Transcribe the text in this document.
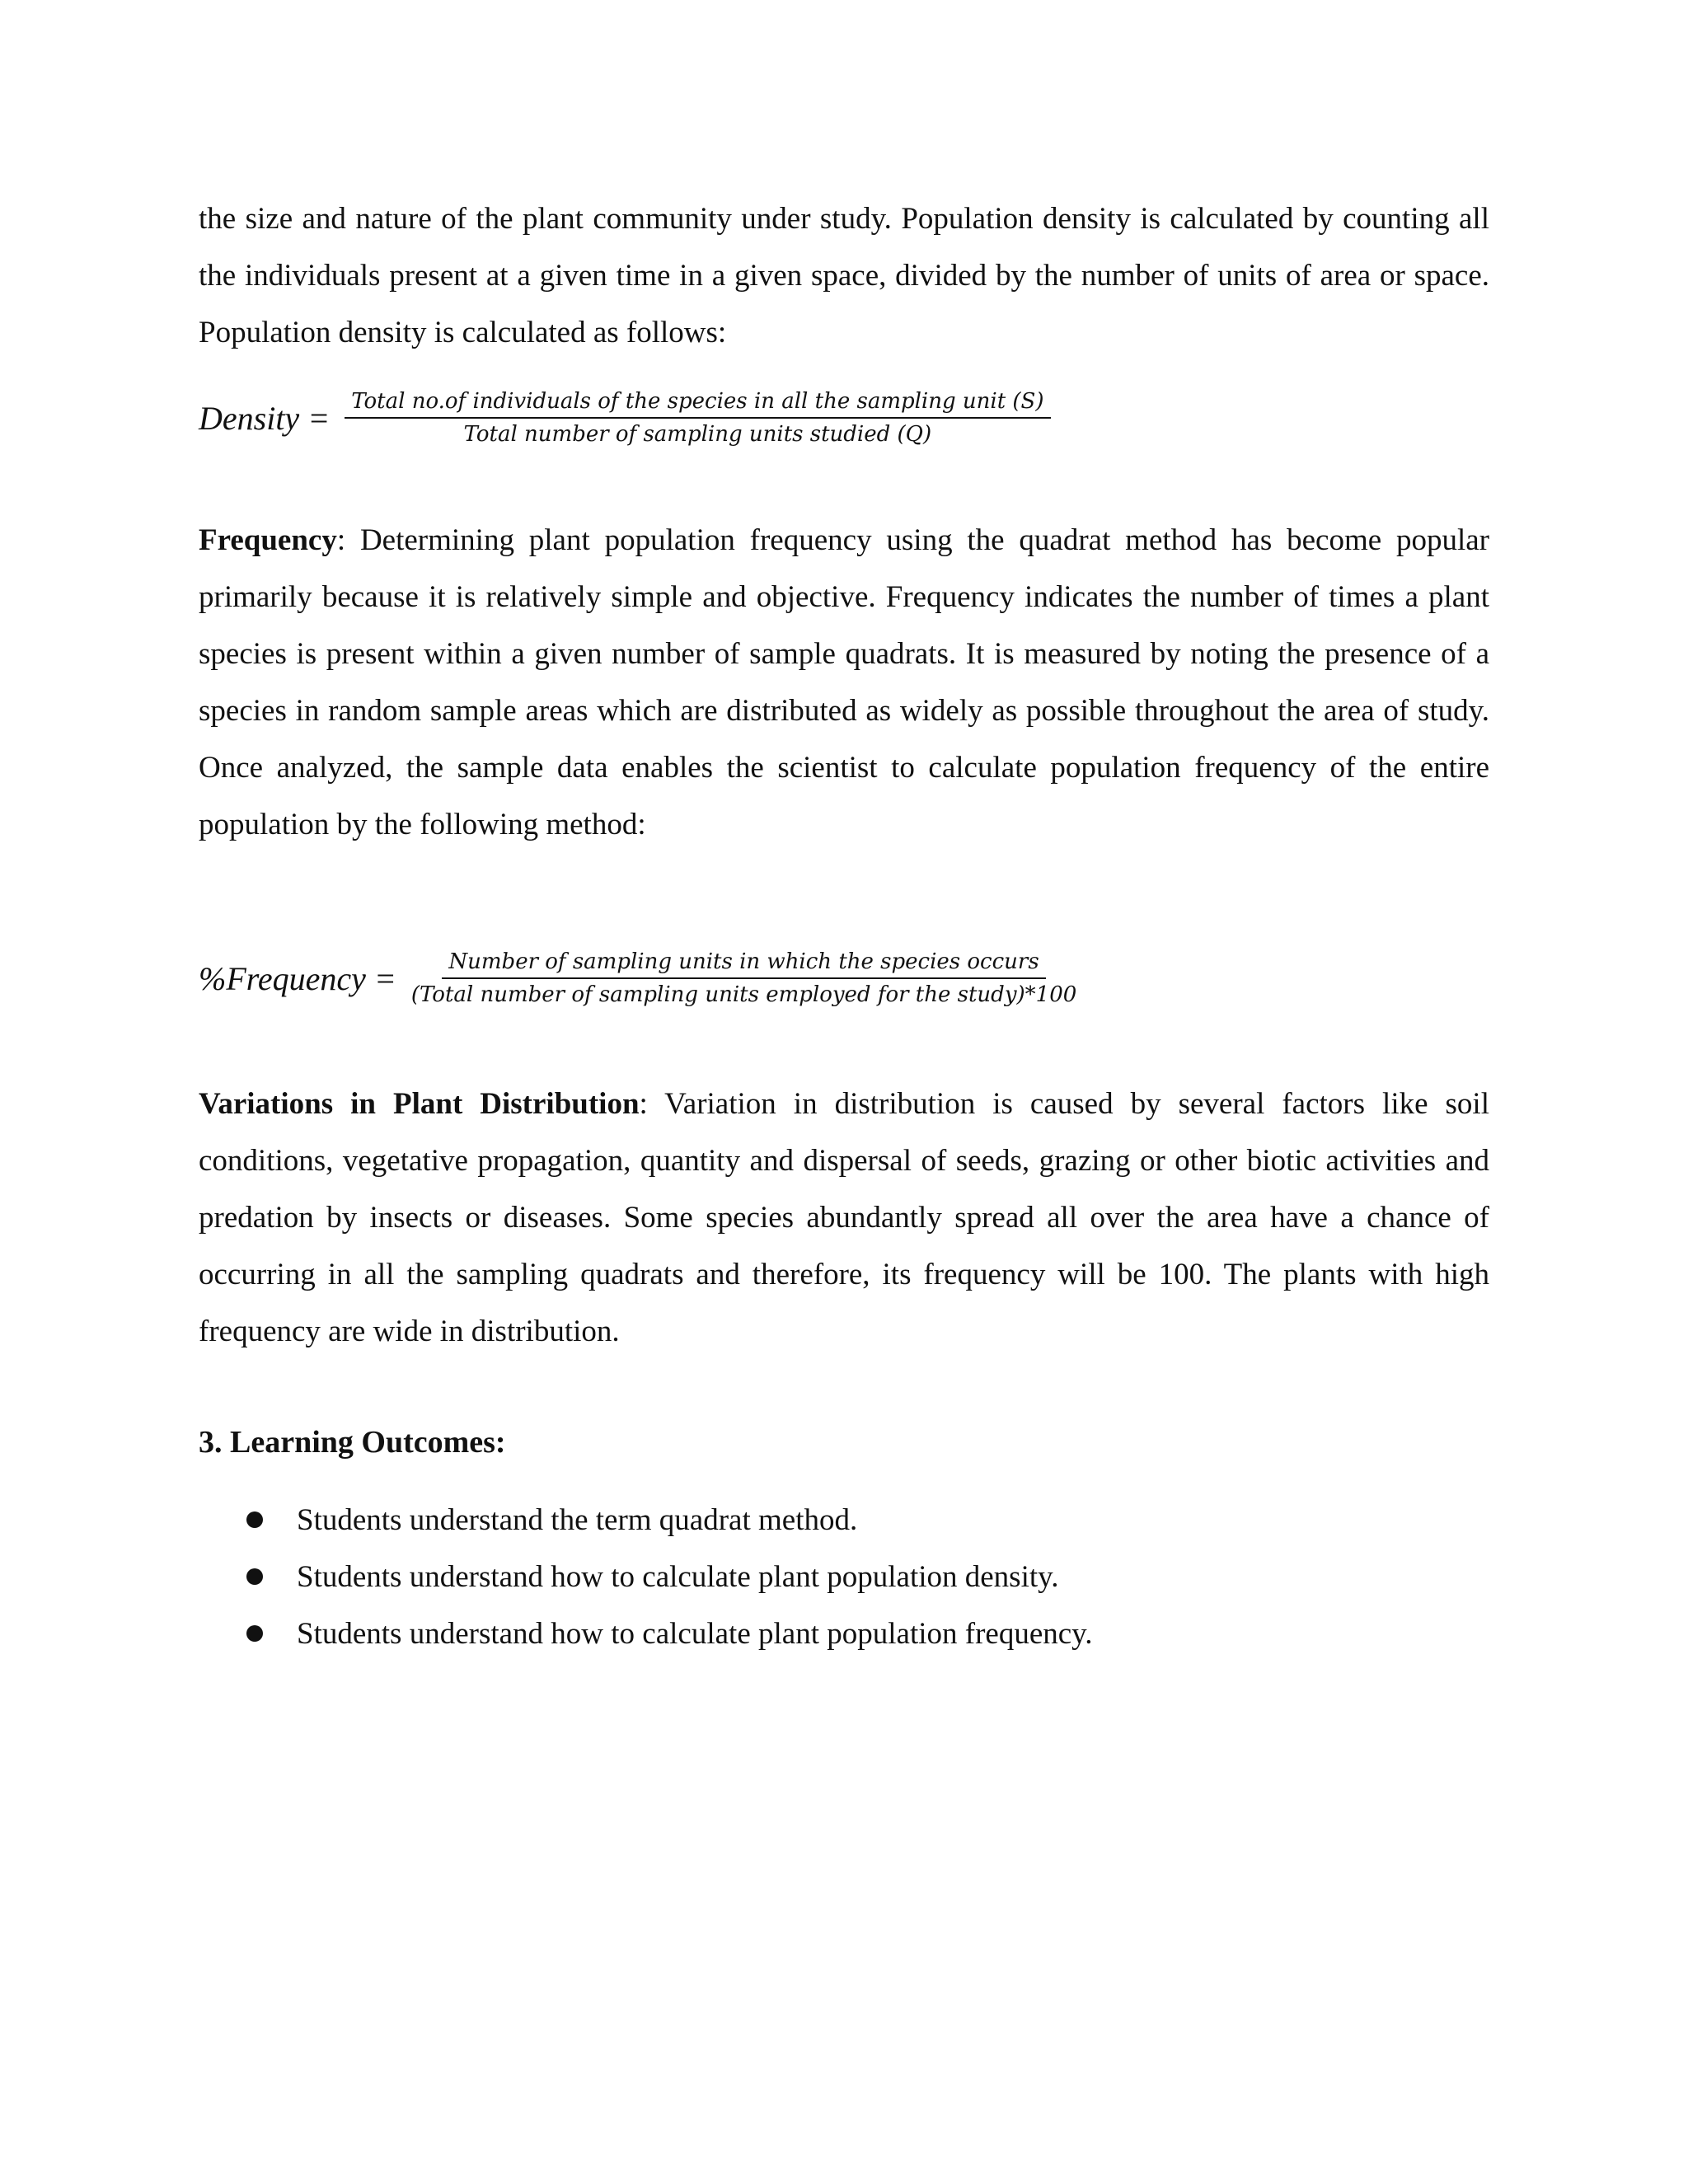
the size and nature of the plant community under study. Population density is calculated by counting all the individuals present at a given time in a given space, divided by the number of units of area or space. Population density is calculated as follows:

Density = Total no.of individuals of the species in all the sampling unit (S)
Total number of sampling units studied (Q)

Frequency: Determining plant population frequency using the quadrat method has become popular primarily because it is relatively simple and objective. Frequency indicates the number of times a plant species is present within a given number of sample quadrats. It is measured by noting the presence of a species in random sample areas which are distributed as widely as possible throughout the area of study. Once analyzed, the sample data enables the scientist to calculate population frequency of the entire population by the following method:

%Frequency = $\frac{\text{Number of sampling units in which the species occurs}}{\text{(Total number of sampling units employed for the study)*100}}$

Variations in Plant Distribution: Variation in distribution is caused by several factors like soil conditions, vegetative propagation, quantity and dispersal of seeds, grazing or other biotic activities and predation by insects or diseases. Some species abundantly spread all over the area have a chance of occurring in all the sampling quadrats and therefore, its frequency will be 100. The plants with high frequency are wide in distribution.

3. Learning Outcomes:
Students understand the term quadrat method.
Students understand how to calculate plant population density.
Students understand how to calculate plant population frequency.
